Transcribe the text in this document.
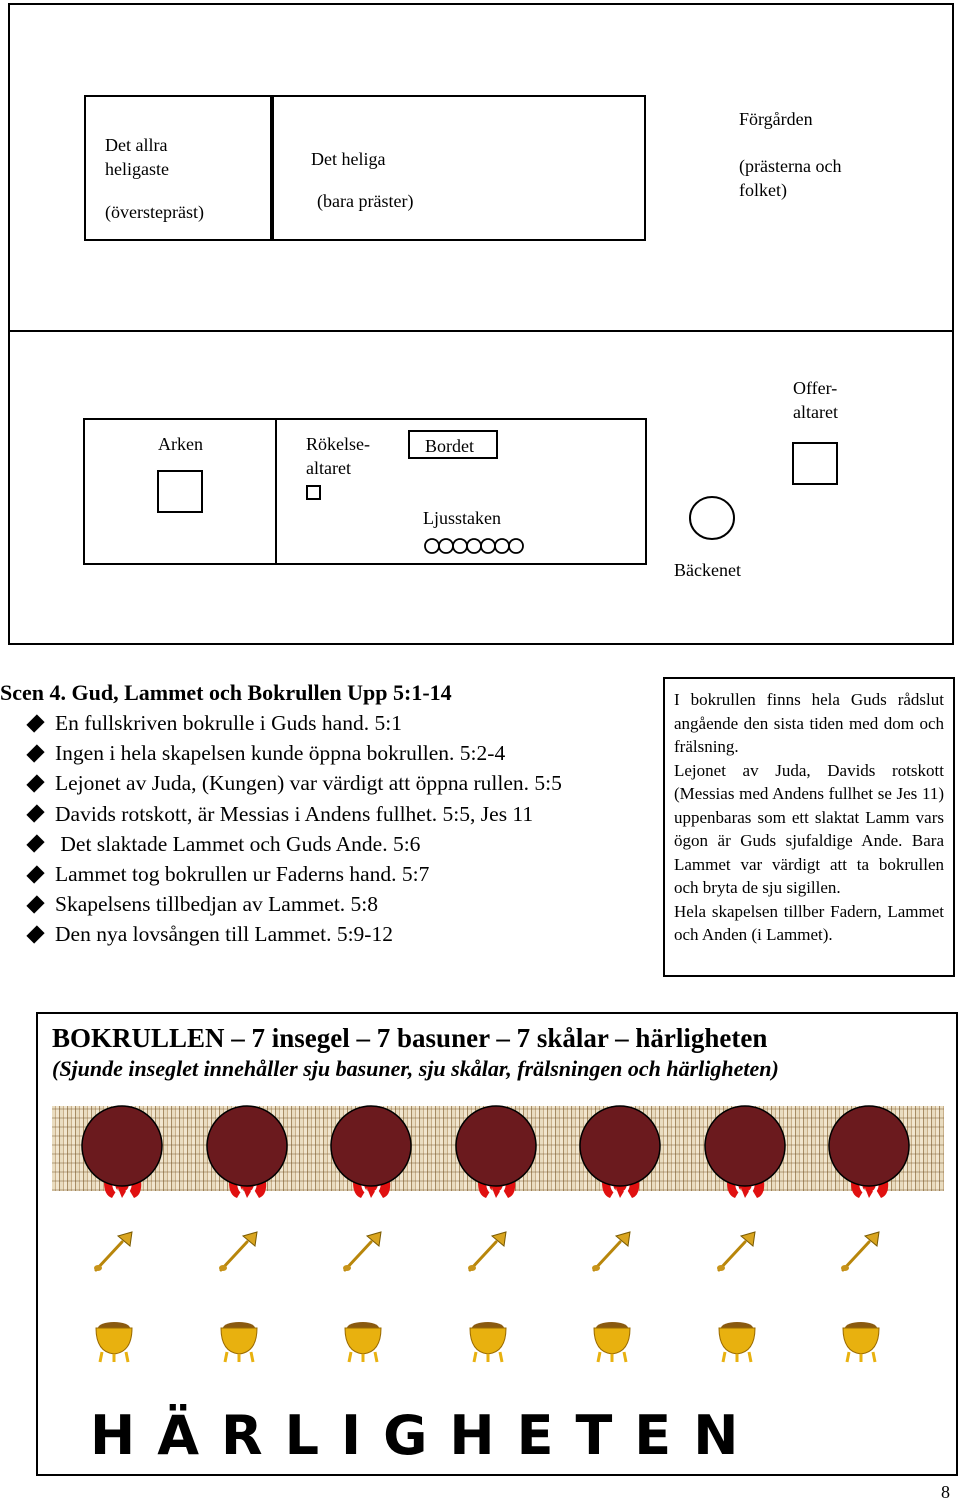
Det allra heligaste
(överstepräst)
Det heliga
(bara präster)
Förgården
(prästerna och folket)
Arken	Rökelse-altaret
Bordet
Ljusstaken
Bäckenet
Offer-altaret
Scen 4. Gud, Lammet och Bokrullen Upp 5:1-14
En fullskriven bokrulle i Guds hand. 5:1
Ingen i hela skapelsen kunde öppna bokrullen. 5:2-4
Lejonet av Juda, (Kungen) var värdigt att öppna rullen. 5:5
Davids rotskott, är Messias i Andens fullhet. 5:5, Jes 11
Det slaktade Lammet och Guds Ande. 5:6
Lammet tog bokrullen ur Faderns hand. 5:7
Skapelsens tillbedjan av Lammet. 5:8
Den nya lovsången till Lammet. 5:9-12

I bokrullen finns hela Guds rådslut angående den sista tiden med dom och frälsning.

Lejonet av Juda, Davids rotskott (Messias med Andens fullhet se Jes 11) uppenbaras som ett slaktat Lamm vars ögon är Guds sjufaldige Ande. Bara Lammet var värdigt att ta bokrullen och bryta de sju sigillen.

Hela skapelsen tillber Fadern, Lammet och Anden (i Lammet).

BOKRULLEN – 7 insegel – 7 basuner – 7 skålar – härligheten
(Sjunde inseglet innehåller sju basuner, sju skålar, frälsningen och härligheten)
HÄRLIGHETEN
8
